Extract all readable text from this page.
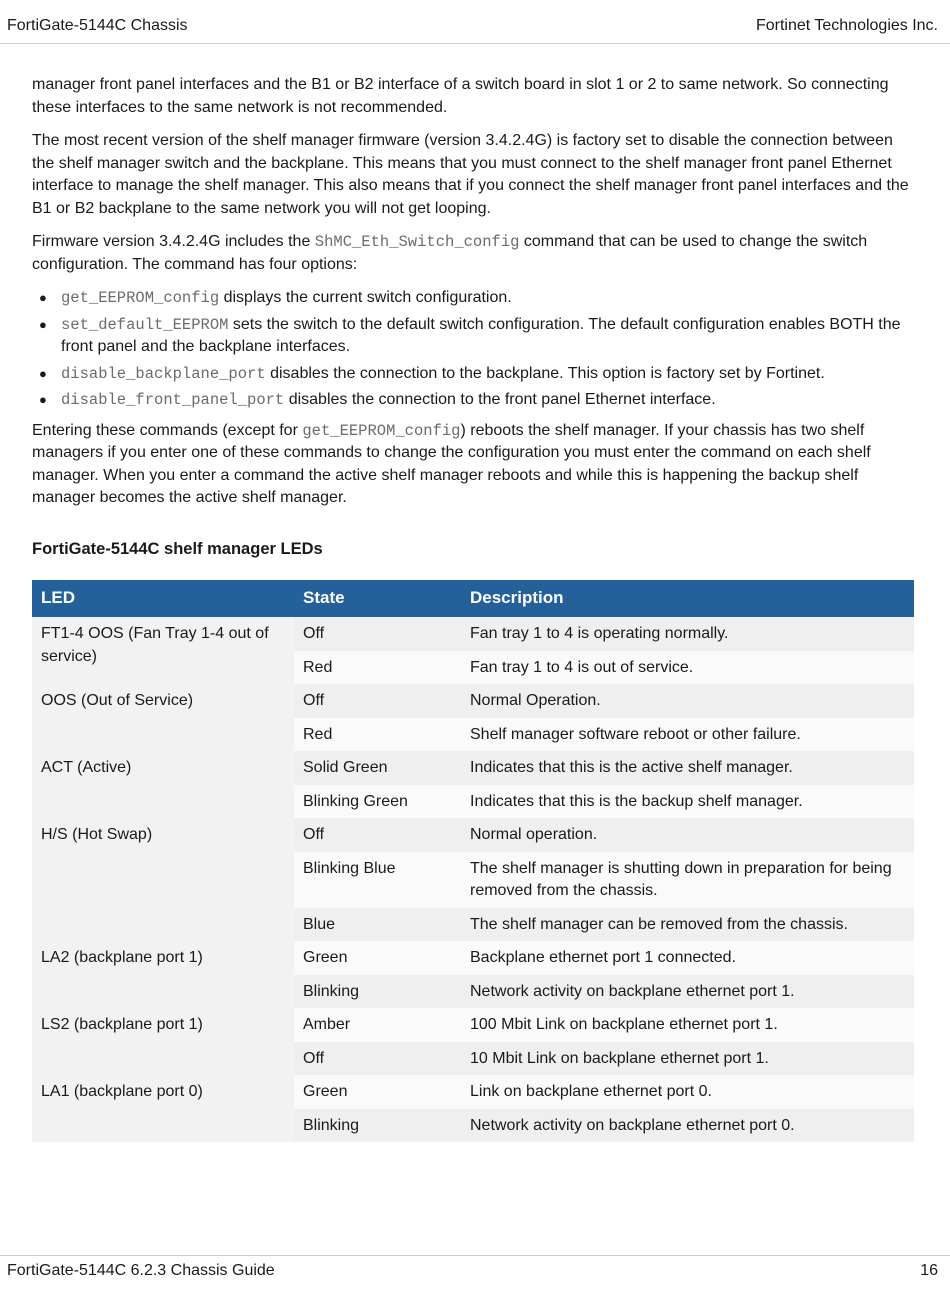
FortiGate-5144C Chassis	Fortinet Technologies Inc.

manager front panel interfaces and the B1 or B2 interface of a switch board in slot 1 or 2 to same network. So connecting these interfaces to the same network is not recommended.

The most recent version of the shelf manager firmware (version 3.4.2.4G) is factory set to disable the connection between the shelf manager switch and the backplane. This means that you must connect to the shelf manager front panel Ethernet interface to manage the shelf manager. This also means that if you connect the shelf manager front panel interfaces and the B1 or B2 backplane to the same network you will not get looping.

Firmware version 3.4.2.4G includes the ShMC_Eth_Switch_config command that can be used to change the switch configuration. The command has four options:

● get_EEPROM_config displays the current switch configuration.
● set_default_EEPROM sets the switch to the default switch configuration. The default configuration enables BOTH the front panel and the backplane interfaces.
● disable_backplane_port disables the connection to the backplane. This option is factory set by Fortinet.
● disable_front_panel_port disables the connection to the front panel Ethernet interface.

Entering these commands (except for get_EEPROM_config) reboots the shelf manager. If your chassis has two shelf managers if you enter one of these commands to change the configuration you must enter the command on each shelf manager. When you enter a command the active shelf manager reboots and while this is happening the backup shelf manager becomes the active shelf manager.

FortiGate-5144C shelf manager LEDs
LED	State	Description
FT1-4 OOS (Fan Tray 1-4 out of service)	Off	Fan tray 1 to 4 is operating normally.
	Red	Fan tray 1 to 4 is out of service.
OOS (Out of Service)	Off	Normal Operation.
	Red	Shelf manager software reboot or other failure.
ACT (Active)	Solid Green	Indicates that this is the active shelf manager.
	Blinking Green	Indicates that this is the backup shelf manager.
H/S (Hot Swap)	Off	Normal operation.
	Blinking Blue	The shelf manager is shutting down in preparation for being removed from the chassis.
	Blue	The shelf manager can be removed from the chassis.
LA2 (backplane port 1)	Green	Backplane ethernet port 1 connected.
	Blinking	Network activity on backplane ethernet port 1.
LS2 (backplane port 1)	Amber	100 Mbit Link on backplane ethernet port 1.
	Off	10 Mbit Link on backplane ethernet port 1.
LA1 (backplane port 0)	Green	Link on backplane ethernet port 0.
	Blinking	Network activity on backplane ethernet port 0.
FortiGate-5144C 6.2.3 Chassis Guide	16
